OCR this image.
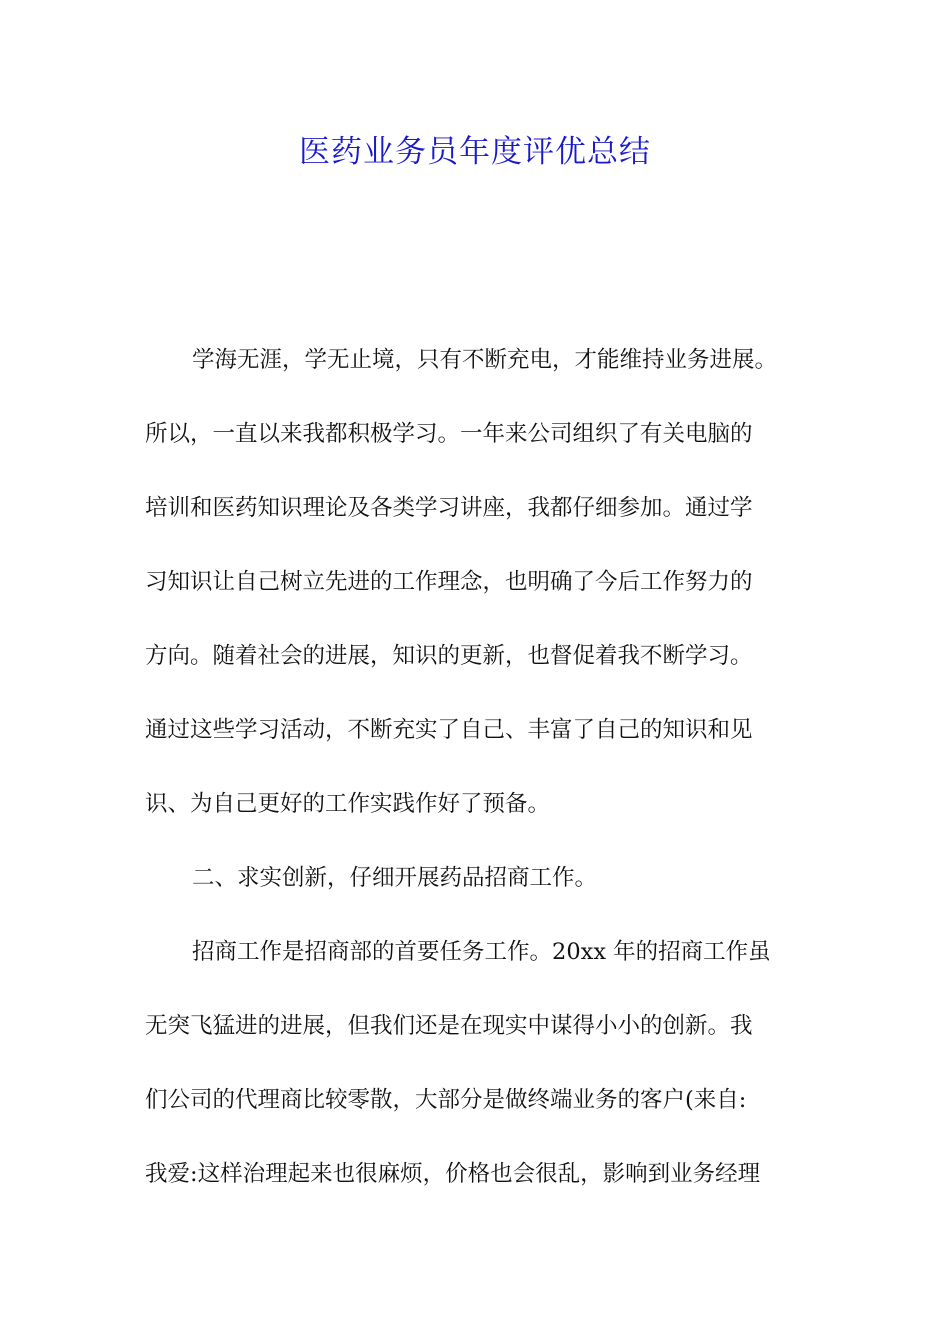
医药业务员年度评优总结
学海无涯，学无止境，只有不断充电，才能维持业务进展。
所以，一直以来我都积极学习。一年来公司组织了有关电脑的
培训和医药知识理论及各类学习讲座，我都仔细参加。通过学
习知识让自己树立先进的工作理念，也明确了今后工作努力的
方向。随着社会的进展，知识的更新，也督促着我不断学习。
通过这些学习活动，不断充实了自己、丰富了自己的知识和见
识、为自己更好的工作实践作好了预备。
二、求实创新，仔细开展药品招商工作。
招商工作是招商部的首要任务工作。20xx 年的招商工作虽
无突飞猛进的进展，但我们还是在现实中谋得小小的创新。我
们公司的代理商比较零散，大部分是做终端业务的客户(来自:
我爱:这样治理起来也很麻烦，价格也会很乱，影响到业务经理
